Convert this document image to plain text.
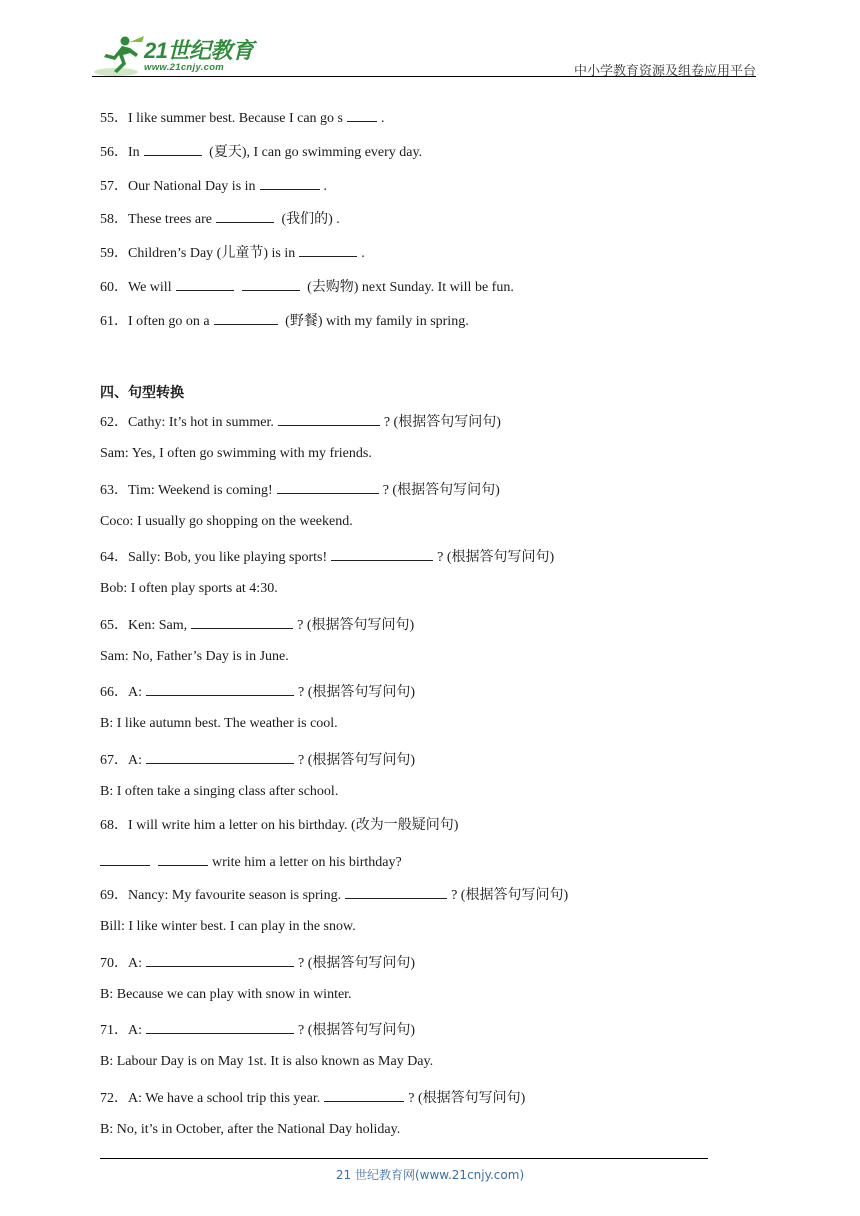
21世纪教育
www.21cnjy.com	中小学教育资源及组卷应用平台
55．I like summer best. Because I can go s	.
56．In	(夏天), I can go swimming every day.
57．Our National Day is in	.
58．These trees are	(我们的) .
59．Children’s Day (儿童节) is in	.
60．We will	(去购物) next Sunday. It will be fun.
61．I often go on a	(野餐) with my family in spring.
四、句型转换
62．Cathy: It’s hot in summer.	? (根据答句写问句)
Sam: Yes, I often go swimming with my friends.
63．Tim: Weekend is coming!	? (根据答句写问句)
Coco: I usually go shopping on the weekend.
64．Sally: Bob, you like playing sports!	? (根据答句写问句)
Bob: I often play sports at 4:30.
65．Ken: Sam,	? (根据答句写问句)
Sam: No, Father’s Day is in June.
66．A:	? (根据答句写问句)
B: I like autumn best. The weather is cool.
67．A:	? (根据答句写问句)
B: I often take a singing class after school.
68．I will write him a letter on his birthday. (改为一般疑问句)
write him a letter on his birthday?
69．Nancy: My favourite season is spring.	? (根据答句写问句)
Bill: I like winter best. I can play in the snow.
70．A:	? (根据答句写问句)
B: Because we can play with snow in winter.
71．A:	? (根据答句写问句)
B: Labour Day is on May 1st. It is also known as May Day.
72．A: We have a school trip this year.	? (根据答句写问句)
B: No, it’s in October, after the National Day holiday.
21 世纪教育网(www.21cnjy.com)
